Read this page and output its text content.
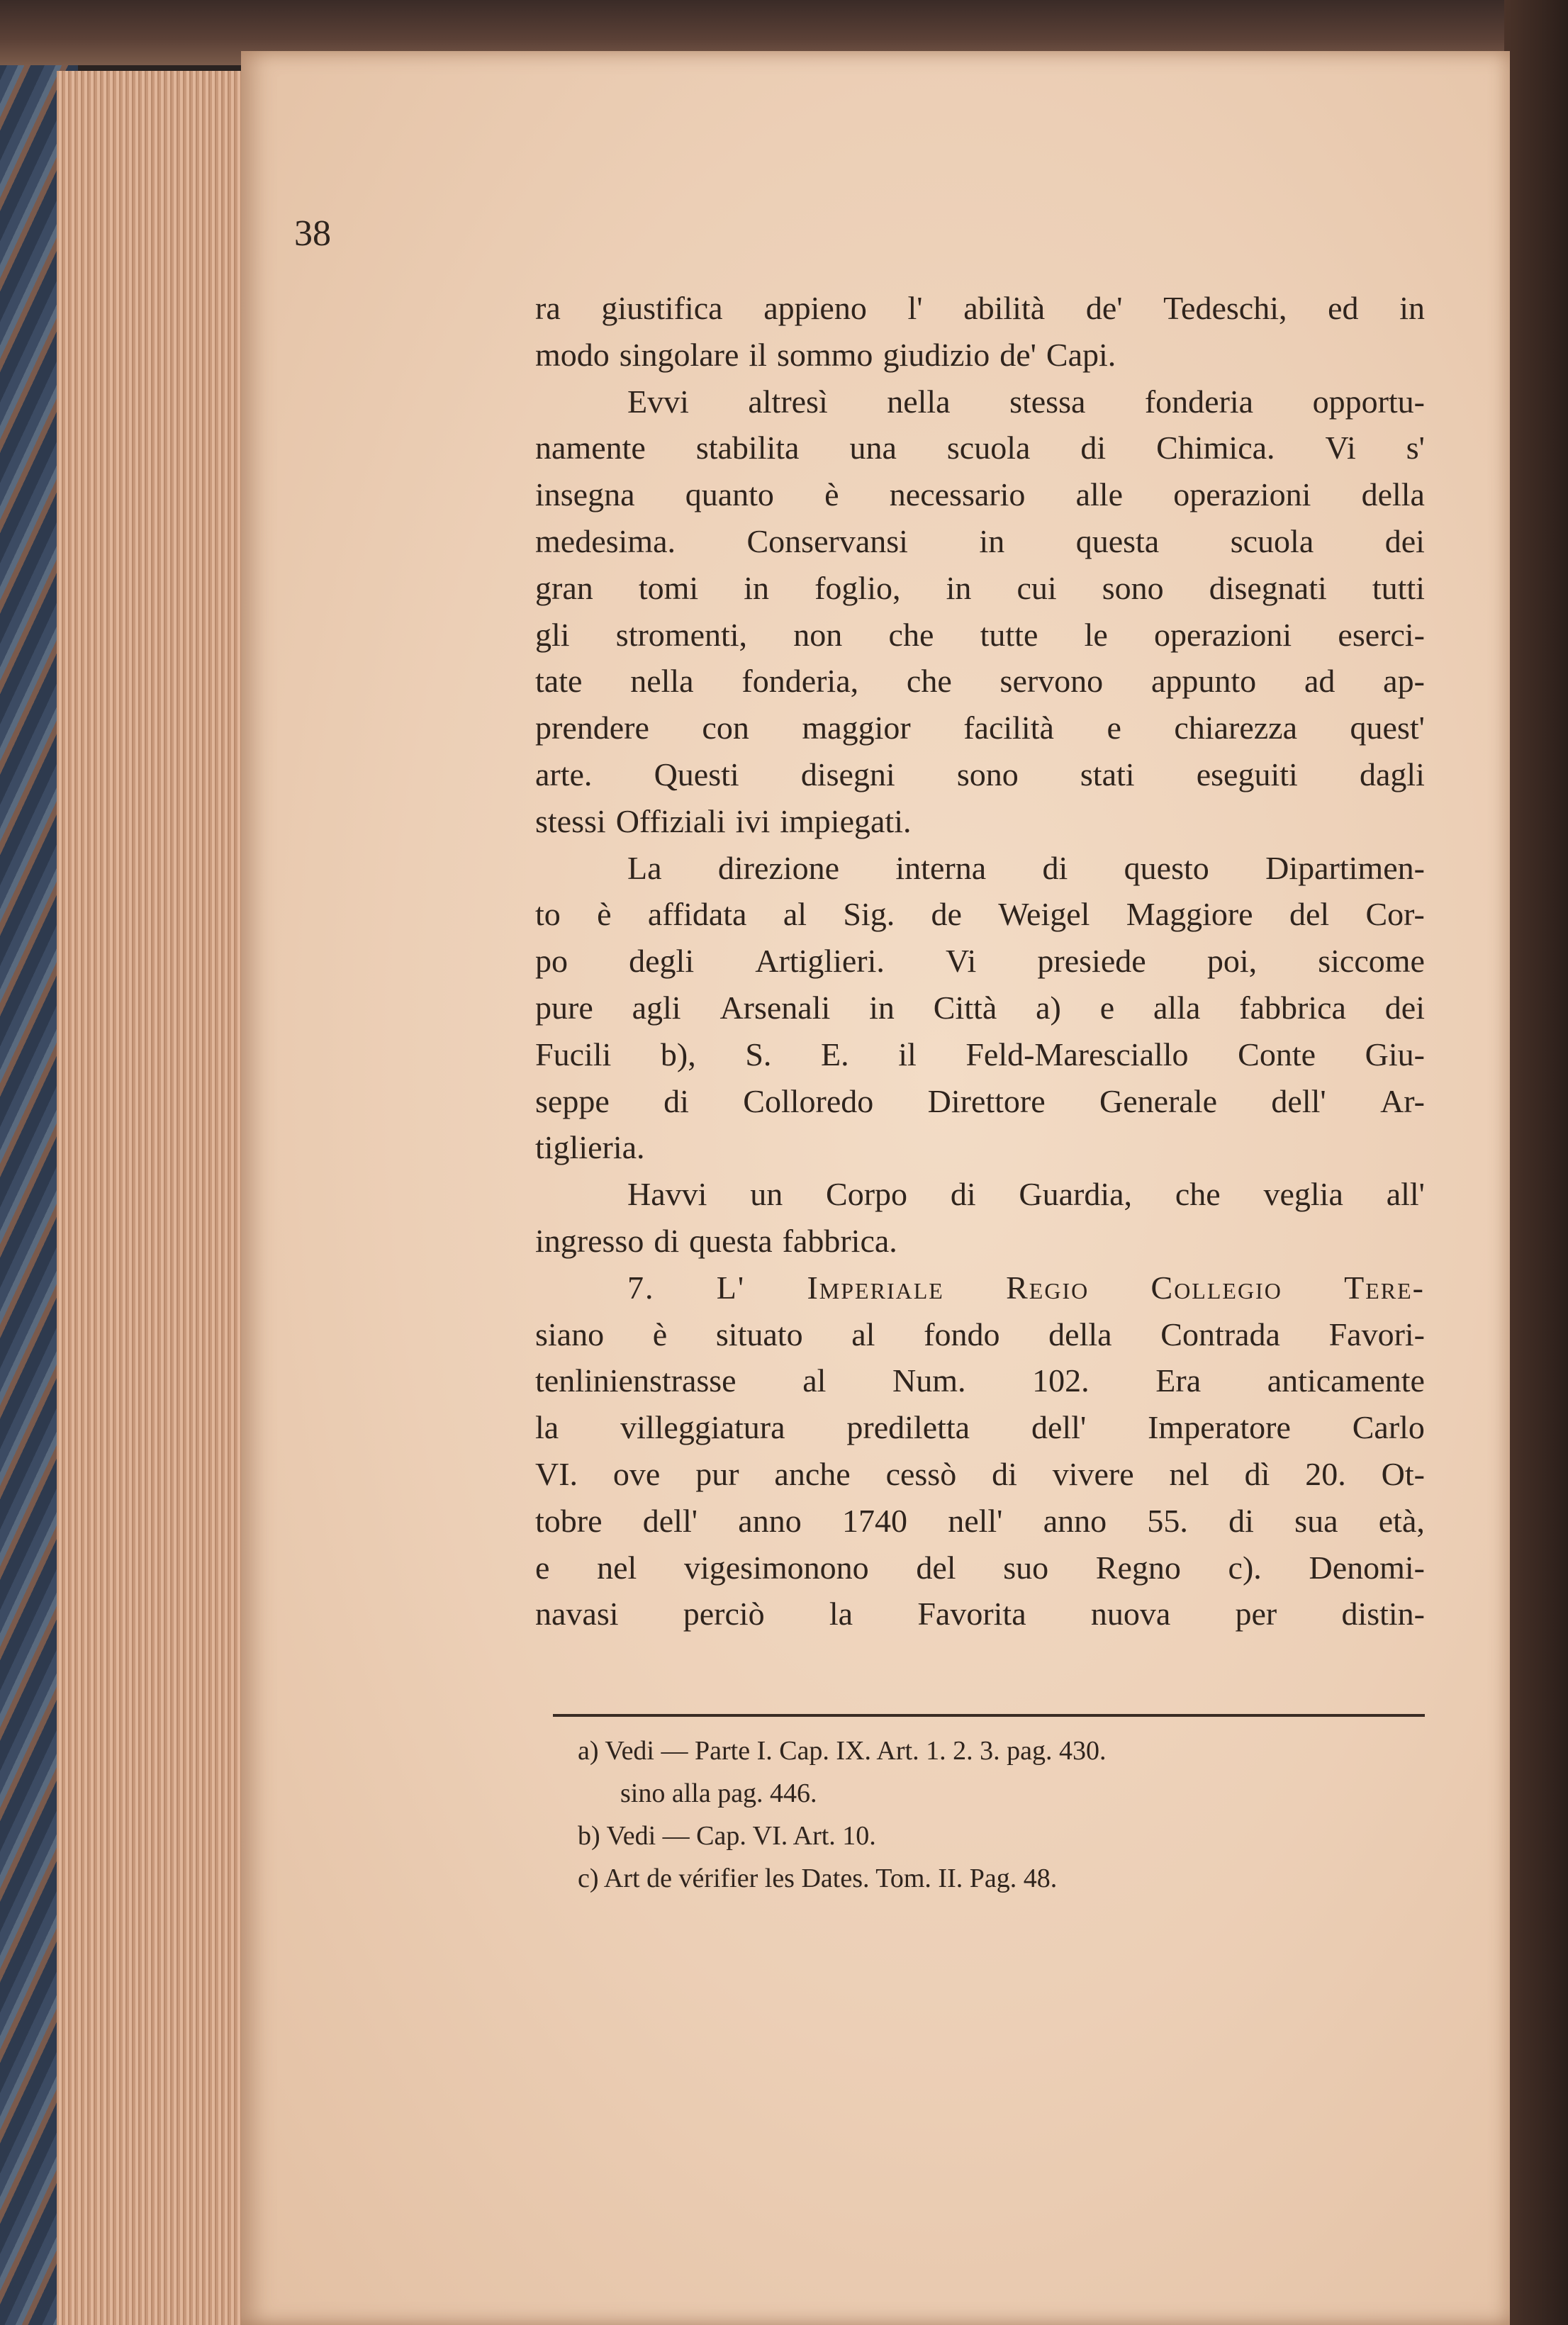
38
ra giustifica appieno l' abilità de' Tedeschi, ed in
modo singolare il sommo giudizio de' Capi.
Evvi altresì nella stessa fonderia opportu-
namente stabilita una scuola di Chimica. Vi s'
insegna quanto è necessario alle operazioni della
medesima. Conservansi in questa scuola dei
gran tomi in foglio, in cui sono disegnati tutti
gli stromenti, non che tutte le operazioni eserci-
tate nella fonderia, che servono appunto ad ap-
prendere con maggior facilità e chiarezza quest'
arte. Questi disegni sono stati eseguiti dagli
stessi Offiziali ivi impiegati.
La direzione interna di questo Dipartimen-
to è affidata al Sig. de Weigel Maggiore del Cor-
po degli Artiglieri. Vi presiede poi, siccome
pure agli Arsenali in Città a) e alla fabbrica dei
Fucili b), S. E. il Feld-Maresciallo Conte Giu-
seppe di Colloredo Direttore Generale dell' Ar-
tiglieria.
Havvi un Corpo di Guardia, che veglia all'
ingresso di questa fabbrica.
7. L' Imperiale Regio Collegio Tere-
siano è situato al fondo della Contrada Favori-
tenlinienstrasse al Num. 102. Era anticamente
la villeggiatura prediletta dell' Imperatore Carlo
VI. ove pur anche cessò di vivere nel dì 20. Ot-
tobre dell' anno 1740 nell' anno 55. di sua età,
e nel vigesimonono del suo Regno c). Denomi-
navasi perciò la Favorita nuova per distin-
a) Vedi — Parte I. Cap. IX. Art. 1. 2. 3. pag. 430.
sino alla pag. 446.
b) Vedi — Cap. VI. Art. 10.
c) Art de vérifier les Dates. Tom. II. Pag. 48.
